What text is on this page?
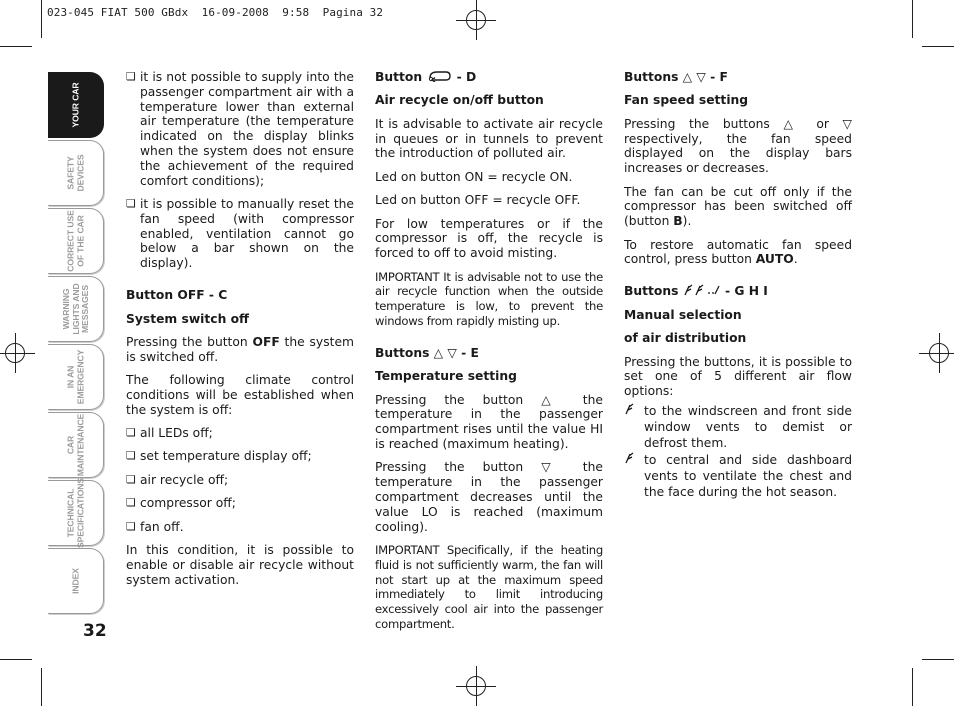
023-045 FIAT 500 GBdx  16-09-2008  9:58  Pagina 32
YOUR CAR
SAFETY
DEVICES
CORRECT USE
OF THE CAR
WARNING
LIGHTS AND
MESSAGES
IN AN
EMERGENCY
CAR
MAINTENANCE
TECHNICAL
SPECIFICATIONS
INDEX
32
❏ it is not possible to supply into the passenger compartment air with a temperature lower than external air temperature (the temperature indicated on the display blinks when the system does not ensure the achievement of the required comfort conditions);
❏ it is possible to manually reset the fan speed (with compressor enabled, ventilation cannot go below a bar shown on the display).

Button OFF - C

System switch off

Pressing the button OFF the system is switched off.

The following climate control conditions will be established when the system is off:

❏ all LEDs off;
❏ set temperature display off;
❏ air recycle off;
❏ compressor off;
❏ fan off.

In this condition, it is possible to enable or disable air recycle without system activation.

Button  - D

Air recycle on/off button

It is advisable to activate air recycle in queues or in tunnels to prevent the introduction of polluted air.

Led on button ON = recycle ON.

Led on button OFF = recycle OFF.

For low temperatures or if the compressor is off, the recycle is forced to off to avoid misting.

IMPORTANT It is advisable not to use the air recycle function when the outside temperature is low, to prevent the windows from rapidly misting up.

Buttons △ ▽ - E

Temperature setting

Pressing the button △ the temperature in the passenger compartment rises until the value HI is reached (maximum heating).

Pressing the button ▽ the temperature in the passenger compartment decreases until the value LO is reached (maximum cooling).

IMPORTANT Specifically, if the heating fluid is not sufficiently warm, the fan will not start up at the maximum speed immediately to limit introducing excessively cool air into the passenger compartment.

Buttons △ ▽ - F

Fan speed setting

Pressing the buttons △ or ▽ respectively, the fan speed displayed on the display bars increases or decreases.

The fan can be cut off only if the compressor has been switched off (button B).

To restore automatic fan speed control, press button AUTO.

Buttons	- G H I

Manual selection

of air distribution

Pressing the buttons, it is possible to set one of 5 different air flow options:

to the windscreen and front side window vents to demist or defrost them.
to central and side dashboard vents to ventilate the chest and the face during the hot season.
